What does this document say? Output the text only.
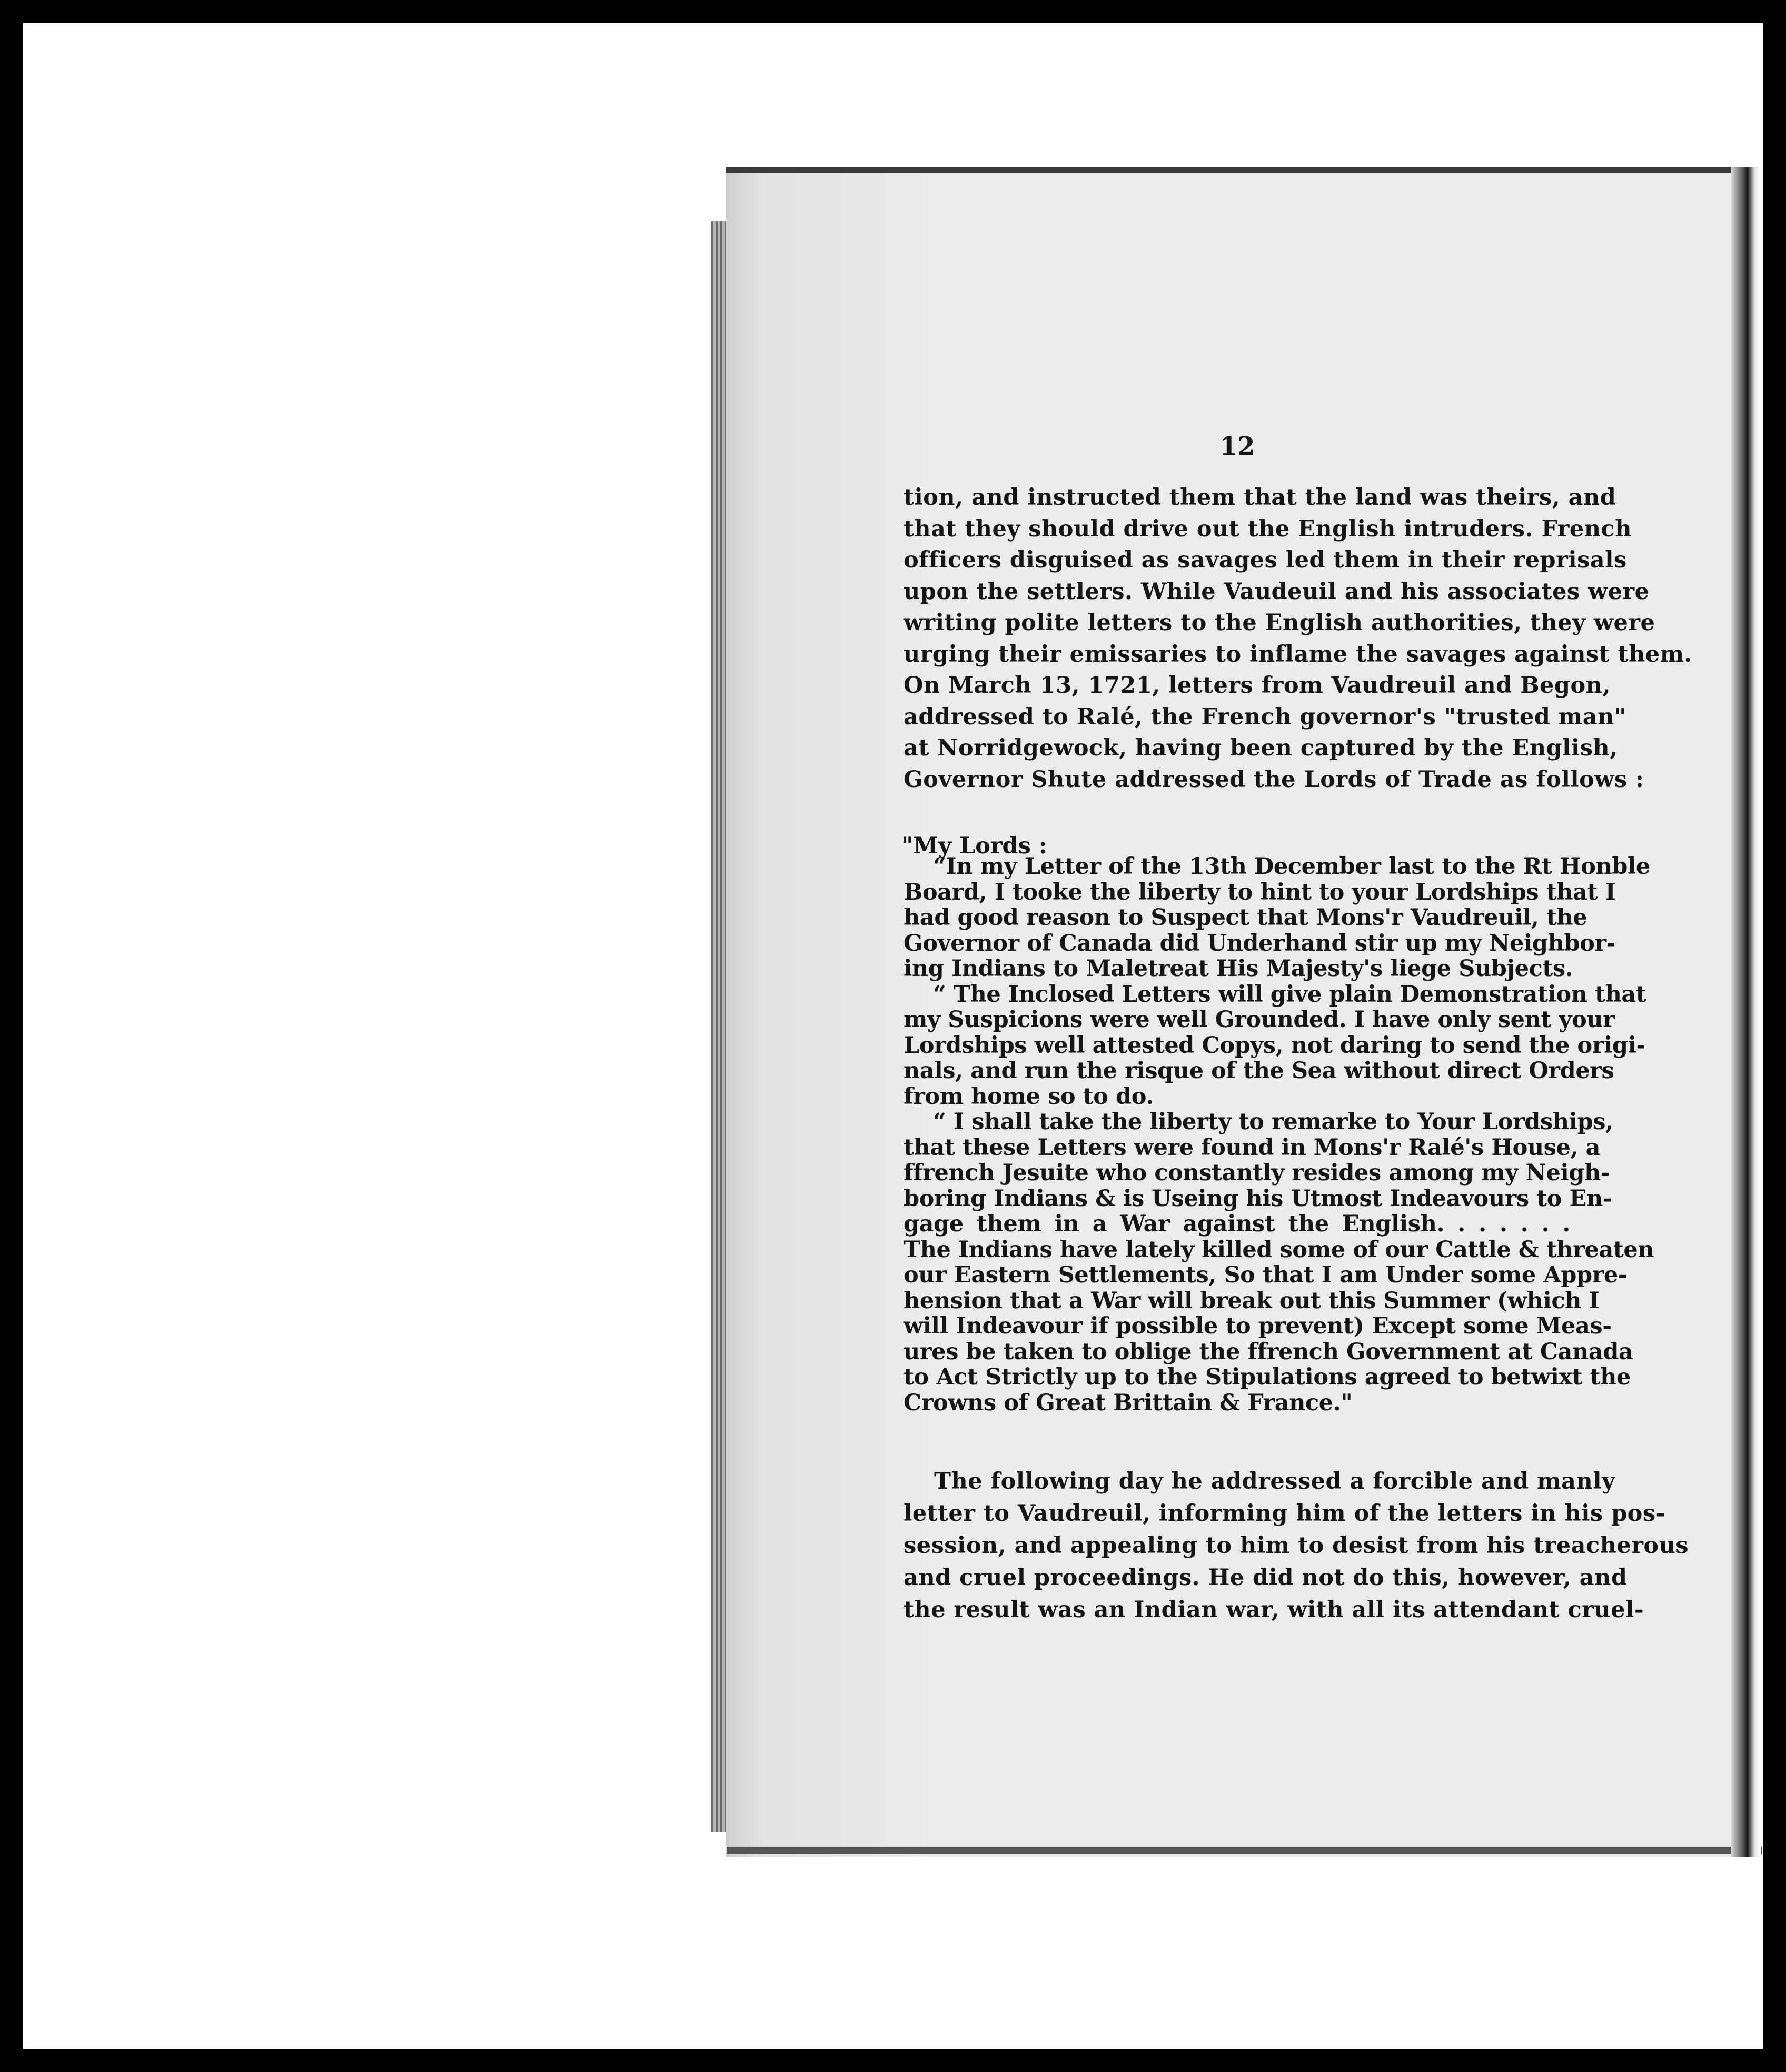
12
tion, and instructed them that the land was theirs, and
that they should drive out the English intruders. French
officers disguised as savages led them in their reprisals
upon the settlers. While Vaudeuil and his associates were
writing polite letters to the English authorities, they were
urging their emissaries to inflame the savages against them.
On March 13, 1721, letters from Vaudreuil and Begon,
addressed to Ralé, the French governor's "trusted man"
at Norridgewock, having been captured by the English,
Governor Shute addressed the Lords of Trade as follows :
"My Lords :
“In my Letter of the 13th December last to the Rt Honble
Board, I tooke the liberty to hint to your Lordships that I
had good reason to Suspect that Mons'r Vaudreuil, the
Governor of Canada did Underhand stir up my Neighbor-
ing Indians to Maletreat His Majesty's liege Subjects.
“ The Inclosed Letters will give plain Demonstration that
my Suspicions were well Grounded. I have only sent your
Lordships well attested Copys, not daring to send the origi-
nals, and run the risque of the Sea without direct Orders
from home so to do.
“ I shall take the liberty to remarke to Your Lordships,
that these Letters were found in Mons'r Ralé's House, a
ffrench Jesuite who constantly resides among my Neigh-
boring Indians & is Useing his Utmost Indeavours to En-
gage them in a War against the English. . . . . . .
The Indians have lately killed some of our Cattle & threaten
our Eastern Settlements, So that I am Under some Appre-
hension that a War will break out this Summer (which I
will Indeavour if possible to prevent) Except some Meas-
ures be taken to oblige the ffrench Government at Canada
to Act Strictly up to the Stipulations agreed to betwixt the
Crowns of Great Brittain & France."
The following day he addressed a forcible and manly
letter to Vaudreuil, informing him of the letters in his pos-
session, and appealing to him to desist from his treacherous
and cruel proceedings. He did not do this, however, and
the result was an Indian war, with all its attendant cruel-
